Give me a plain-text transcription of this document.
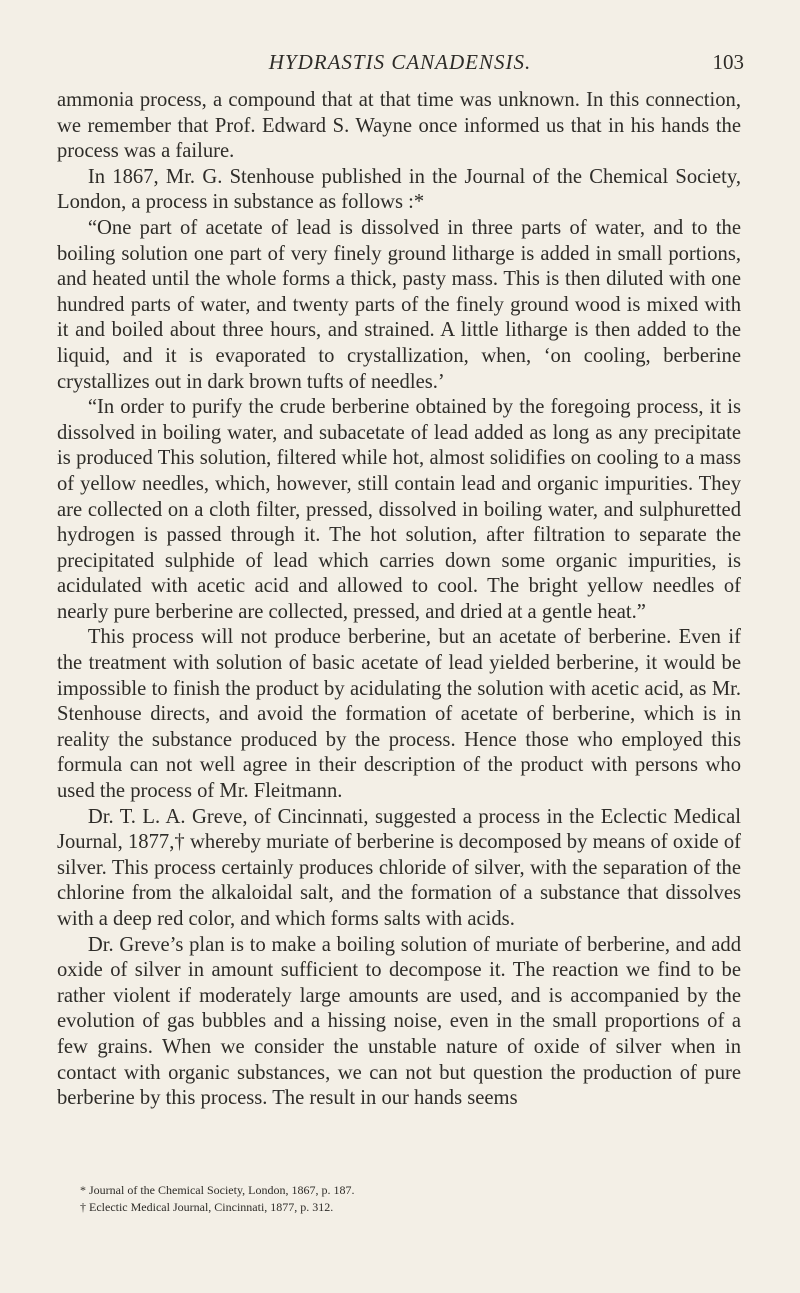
HYDRASTIS CANADENSIS.	103

ammonia process, a compound that at that time was unknown. In this connection, we remember that Prof. Edward S. Wayne once informed us that in his hands the process was a failure.

In 1867, Mr. G. Stenhouse published in the Journal of the Chemical Society, London, a process in substance as follows :*

“One part of acetate of lead is dissolved in three parts of water, and to the boiling solution one part of very finely ground litharge is added in small portions, and heated until the whole forms a thick, pasty mass. This is then diluted with one hundred parts of water, and twenty parts of the finely ground wood is mixed with it and boiled about three hours, and strained. A little litharge is then added to the liquid, and it is evaporated to crystallization, when, ‘on cooling, berberine crystallizes out in dark brown tufts of needles.’

“In order to purify the crude berberine obtained by the foregoing process, it is dissolved in boiling water, and subacetate of lead added as long as any precipitate is produced This solution, filtered while hot, almost solidifies on cooling to a mass of yellow needles, which, however, still contain lead and organic impurities. They are collected on a cloth filter, pressed, dissolved in boiling water, and sulphuretted hydrogen is passed through it. The hot solution, after filtration to separate the precipitated sulphide of lead which carries down some organic impurities, is acidulated with acetic acid and allowed to cool. The bright yellow needles of nearly pure berberine are collected, pressed, and dried at a gentle heat.”

This process will not produce berberine, but an acetate of berberine. Even if the treatment with solution of basic acetate of lead yielded berberine, it would be impossible to finish the product by acidulating the solution with acetic acid, as Mr. Stenhouse directs, and avoid the formation of acetate of berberine, which is in reality the substance produced by the process. Hence those who employed this formula can not well agree in their description of the product with persons who used the process of Mr. Fleitmann.

Dr. T. L. A. Greve, of Cincinnati, suggested a process in the Eclectic Medical Journal, 1877,† whereby muriate of berberine is decomposed by means of oxide of silver. This process certainly produces chloride of silver, with the separation of the chlorine from the alkaloidal salt, and the formation of a substance that dissolves with a deep red color, and which forms salts with acids.

Dr. Greve’s plan is to make a boiling solution of muriate of berberine, and add oxide of silver in amount sufficient to decompose it. The reaction we find to be rather violent if moderately large amounts are used, and is accompanied by the evolution of gas bubbles and a hissing noise, even in the small proportions of a few grains. When we consider the unstable nature of oxide of silver when in contact with organic substances, we can not but question the production of pure berberine by this process. The result in our hands seems

* Journal of the Chemical Society, London, 1867, p. 187.

† Eclectic Medical Journal, Cincinnati, 1877, p. 312.
